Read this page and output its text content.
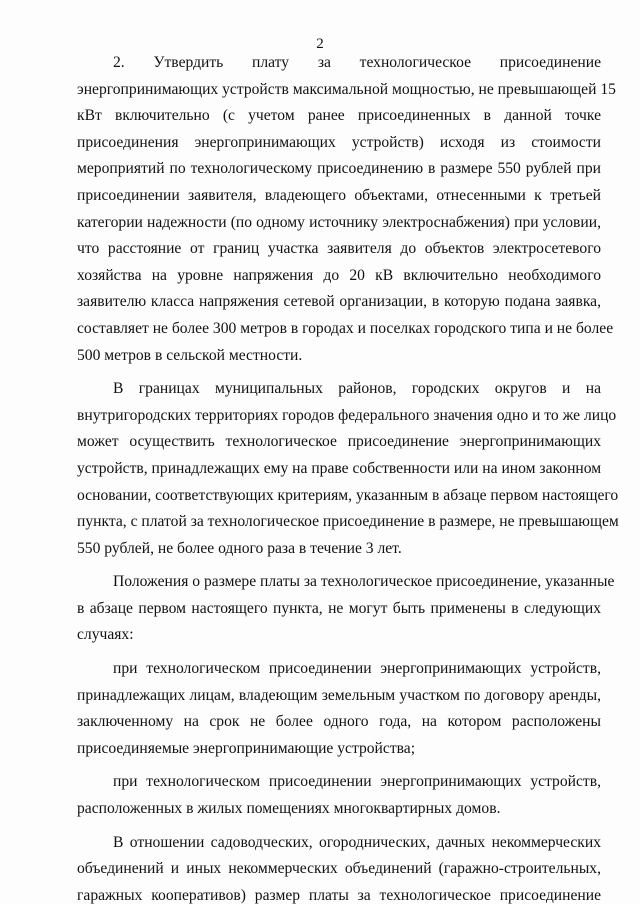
2
2. Утвердить плату за технологическое присоединение
энергопринимающих устройств максимальной мощностью, не превышающей 15
кВт включительно (с учетом ранее присоединенных в данной точке
присоединения энергопринимающих устройств) исходя из стоимости
мероприятий по технологическому присоединению в размере 550 рублей при
присоединении заявителя, владеющего объектами, отнесенными к третьей
категории надежности (по одному источнику электроснабжения) при условии,
что расстояние от границ участка заявителя до объектов электросетевого
хозяйства на уровне напряжения до 20 кВ включительно необходимого
заявителю класса напряжения сетевой организации, в которую подана заявка,
составляет не более 300 метров в городах и поселках городского типа и не более
500 метров в сельской местности.
В границах муниципальных районов, городских округов и на
внутригородских территориях городов федерального значения одно и то же лицо
может осуществить технологическое присоединение энергопринимающих
устройств, принадлежащих ему на праве собственности или на ином законном
основании, соответствующих критериям, указанным в абзаце первом настоящего
пункта, с платой за технологическое присоединение в размере, не превышающем
550 рублей, не более одного раза в течение 3 лет.
Положения о размере платы за технологическое присоединение, указанные
в абзаце первом настоящего пункта, не могут быть применены в следующих
случаях:
при технологическом присоединении энергопринимающих устройств,
принадлежащих лицам, владеющим земельным участком по договору аренды,
заключенному на срок не более одного года, на котором расположены
присоединяемые энергопринимающие устройства;
при технологическом присоединении энергопринимающих устройств,
расположенных в жилых помещениях многоквартирных домов.
В отношении садоводческих, огороднических, дачных некоммерческих
объединений и иных некоммерческих объединений (гаражно-строительных,
гаражных кооперативов) размер платы за технологическое присоединение
